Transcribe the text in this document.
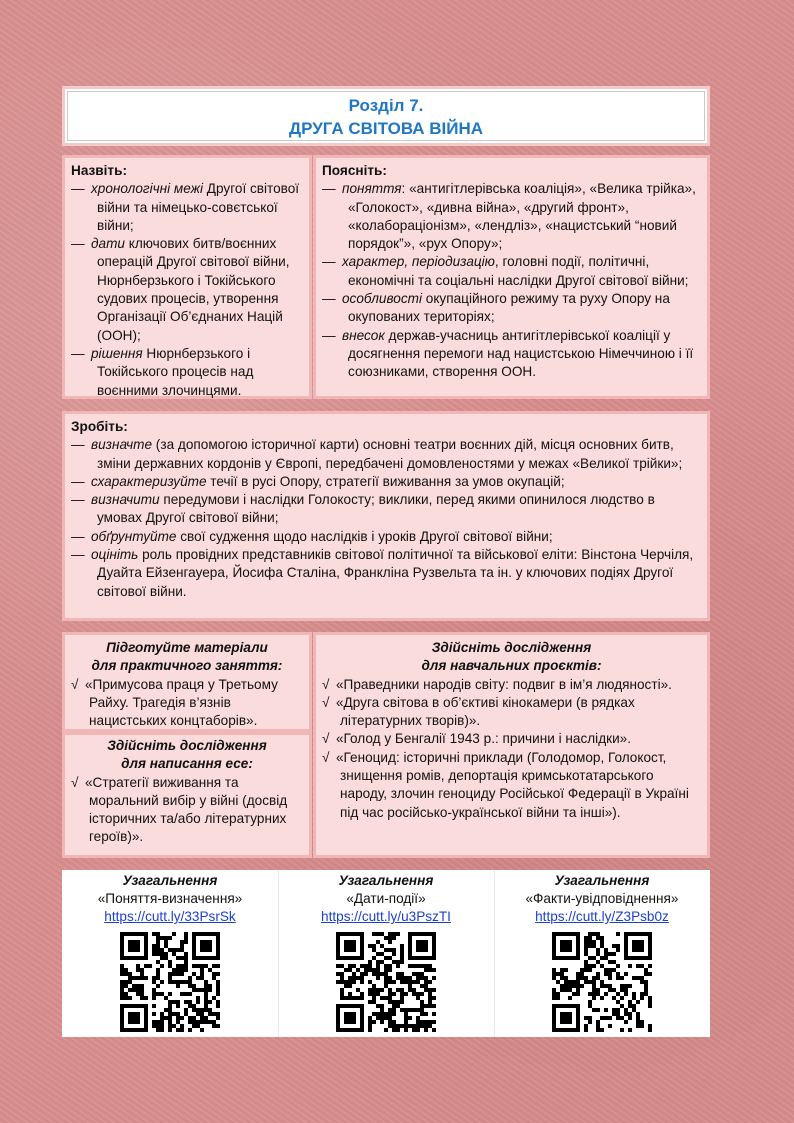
Розділ 7.
ДРУГА СВІТОВА ВІЙНА
Назвіть:
— хронологічні межі Другої світової війни та німецько-совєтської війни;
— дати ключових битв/воєнних операцій Другої світової війни, Нюрнберзького і Токійського судових процесів, утворення Організації Об’єднаних Націй (ООН);
— рішення Нюрнберзького і Токійського процесів над воєнними злочинцями.
Поясніть:
— поняття: «антигітлерівська коаліція», «Велика трійка», «Голокост», «дивна війна», «другий фронт», «колабораціонізм», «лендліз», «нацистський “новий порядок”», «рух Опору»;
— характер, періодизацію, головні події, політичні, економічні та соціальні наслідки Другої світової війни;
— особливості окупаційного режиму та руху Опору на окупованих територіях;
— внесок держав-учасниць антигітлерівської коаліції у досягнення перемоги над нацистською Німеччиною і її союзниками, створення ООН.
Зробіть:
— визначте (за допомогою історичної карти) основні театри воєнних дій, місця основних битв, зміни державних кордонів у Європі, передбачені домовленостями у межах «Великої трійки»;
— схарактеризуйте течії в русі Опору, стратегії виживання за умов окупацій;
— визначити передумови і наслідки Голокосту; виклики, перед якими опинилося людство в умовах Другої світової війни;
— обґрунтуйте свої судження щодо наслідків і уроків Другої світової війни;
— оцініть роль провідних представників світової політичної та військової еліти: Вінстона Черчіля, Дуайта Ейзенгауера, Йосифа Сталіна, Франкліна Рузвельта та ін. у ключових подіях Другої світової війни.
Підготуйте матеріали
для практичного заняття:
√ «Примусова праця у Третьому Райху. Трагедія в’язнів нацистських концтаборів».
Здійсніть дослідження
для написання есе:
√ «Стратегії виживання та моральний вибір у війні (досвід історичних та/або літературних героїв)».
Здійсніть дослідження
для навчальних проєктів:
√ «Праведники народів світу: подвиг в ім’я людяності».
√ «Друга світова в об’єктиві кінокамери (в рядках літературних творів)».
√ «Голод у Бенгалії 1943 р.: причини і наслідки».
√ «Геноцид: історичні приклади (Голодомор, Голокост, знищення ромів, депортація кримськотатарського народу, злочин геноциду Російської Федерації в Україні під час російсько-української війни та інші»).
Узагальнення
«Поняття-визначення»
https://cutt.ly/33PsrSk
Узагальнення
«Дати-події»
https://cutt.ly/u3PszTI
Узагальнення
«Факти-увідповіднення»
https://cutt.ly/Z3Psb0z
